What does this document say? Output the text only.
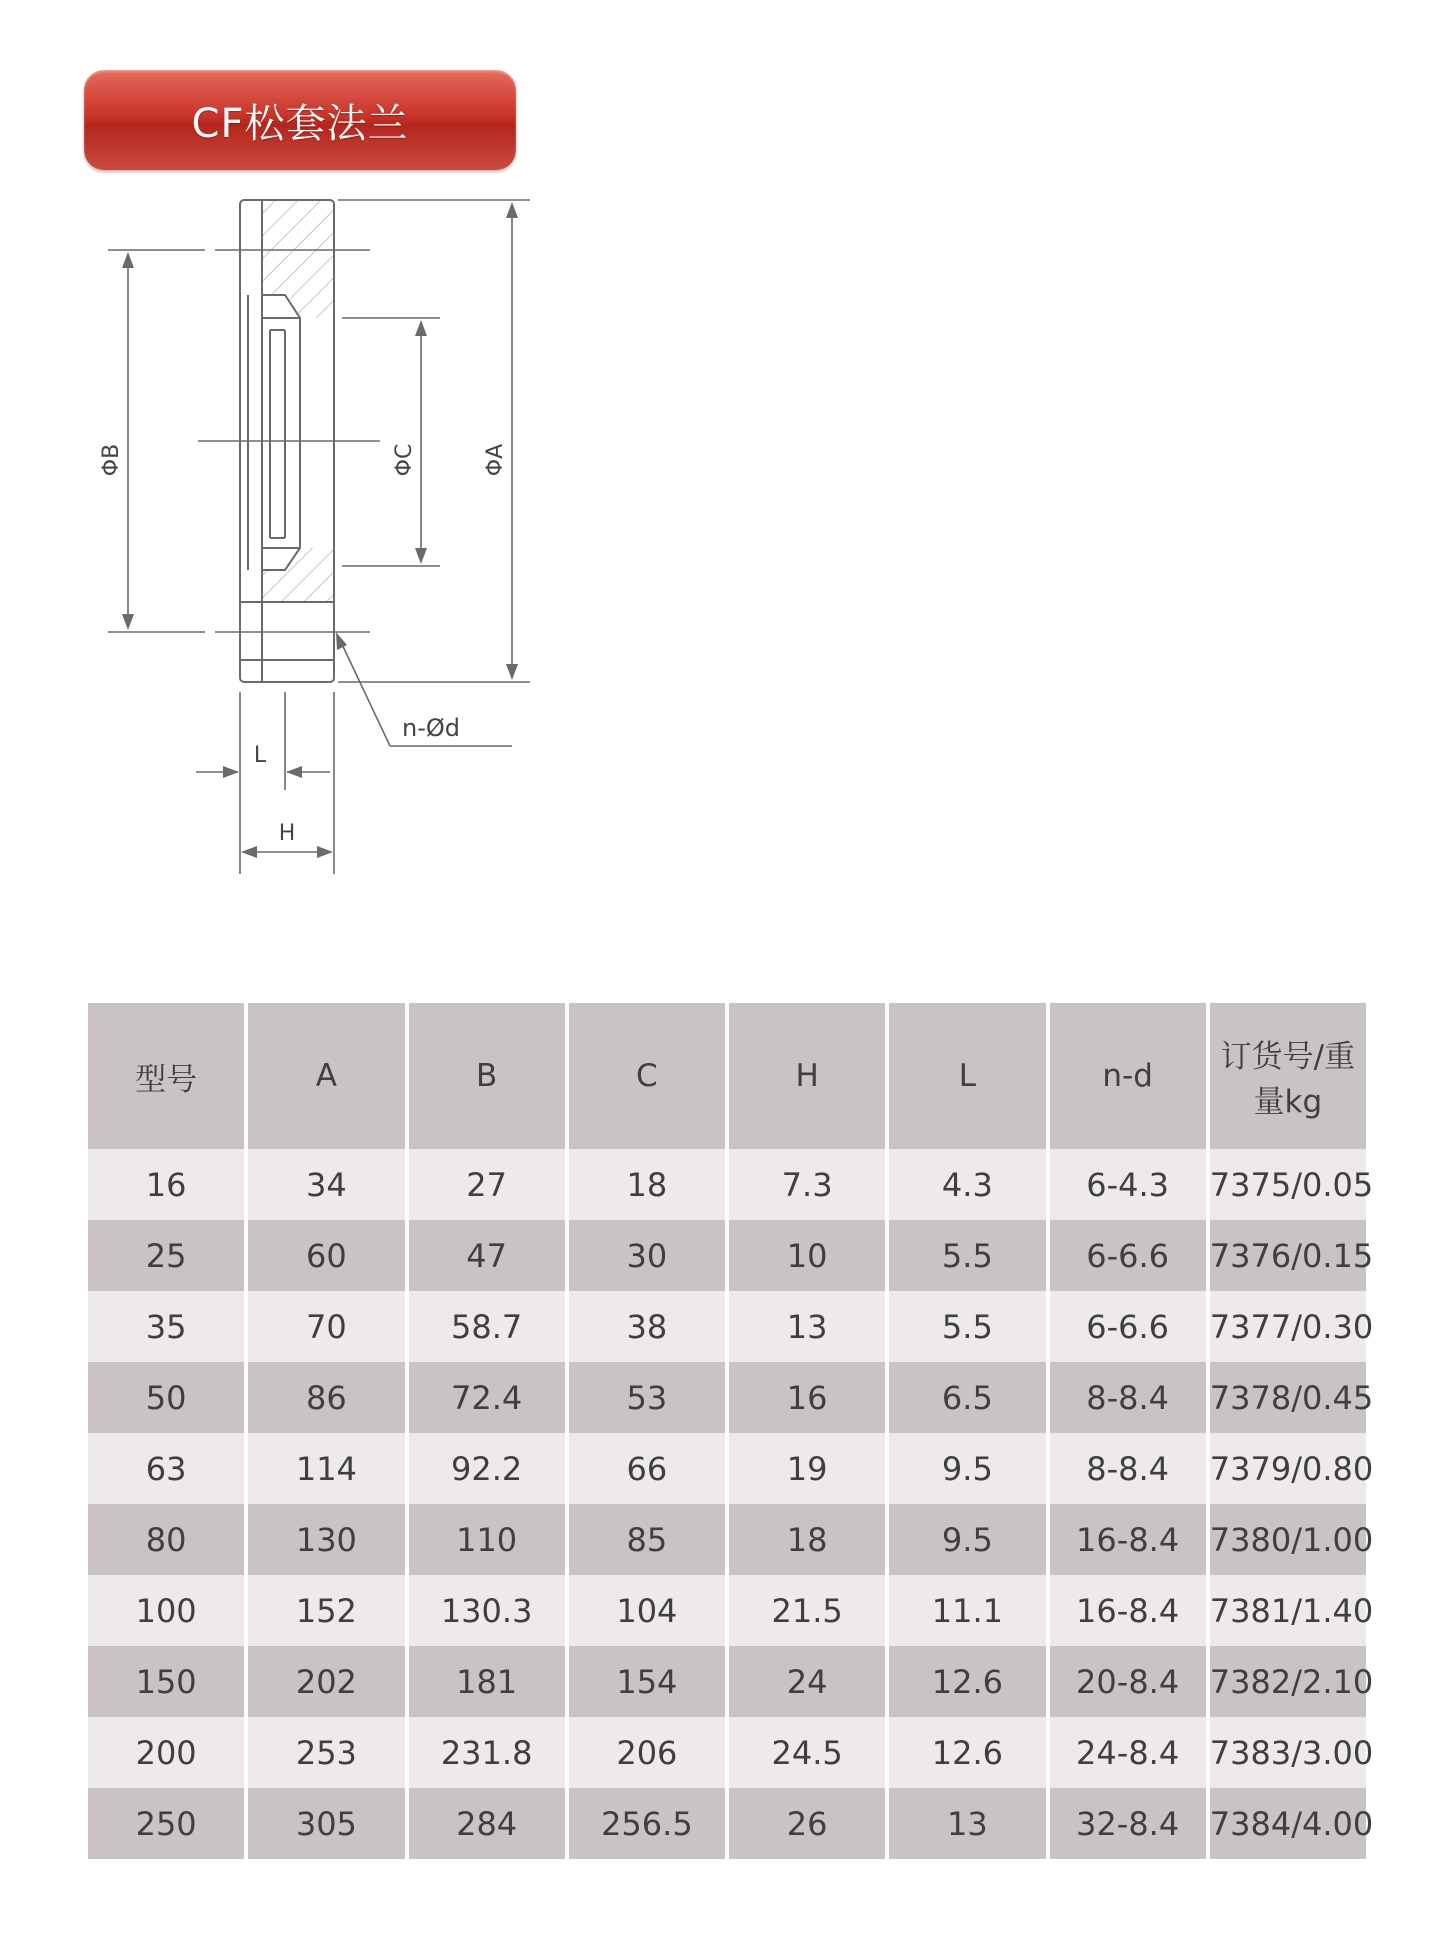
CF松套法兰
ΦB	ΦC	ΦA
n-Ød
L
H
型号	A	B	C	H	L	n-d	订货号/重量kg
16	34	27	18	7.3	4.3	6-4.3	7375/0.05
25	60	47	30	10	5.5	6-6.6	7376/0.15
35	70	58.7	38	13	5.5	6-6.6	7377/0.30
50	86	72.4	53	16	6.5	8-8.4	7378/0.45
63	114	92.2	66	19	9.5	8-8.4	7379/0.80
80	130	110	85	18	9.5	16-8.4	7380/1.00
100	152	130.3	104	21.5	11.1	16-8.4	7381/1.40
150	202	181	154	24	12.6	20-8.4	7382/2.10
200	253	231.8	206	24.5	12.6	24-8.4	7383/3.00
250	305	284	256.5	26	13	32-8.4	7384/4.00
